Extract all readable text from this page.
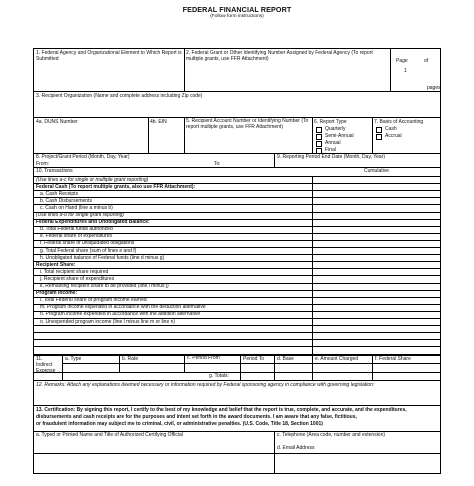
FEDERAL FINANCIAL REPORT
(Follow form instructions)
1. Federal Agency and Organizational Element to Which Report is Submitted
2. Federal Grant or Other Identifying Number Assigned by Federal Agency (To report multiple grants, use FFR Attachment)	Page	of
1
pages
3. Recipient Organization (Name and complete address including Zip code)
4a. DUNS Number	4b. EIN	5. Recipient Account Number or Identifying Number (To report multiple grants, use FFR Attachment)
6. Report Type
Quarterly
Semi-Annual
Annual
Final
7. Basis of Accounting
Cash
Accrual
8. Project/Grant Period (Month, Day, Year)
From:	To:
9. Reporting Period End Date (Month, Day, Year)
10. Transactions	Cumulative
(Use lines a-c for single or multiple grant reporting)
Federal Cash (To report multiple grants, also use FFR Attachment):
a. Cash Receipts
b. Cash Disbursements
c. Cash on Hand (line a minus b)
(Use lines d-o for single grant reporting)
Federal Expenditures and Unobligated Balance:
d. Total Federal funds authorized
e. Federal share of expenditures
f. Federal share of unliquidated obligations
g. Total Federal share (sum of lines e and f)
h. Unobligated balance of Federal funds (line d minus g)
Recipient Share:
i. Total recipient share required
j. Recipient share of expenditures
k. Remaining recipient share to be provided (line i minus j)
Program Income:
l. Total Federal share of program income earned
m. Program income expended in accordance with the deduction alternative
n. Program income expended in accordance with the addition alternative
o. Unexpended program income (line l minus line m or line n)
11.
Indirect
Expense
a. Type	b. Rate	c. Period From	Period To	d. Base	e. Amount Charged	f. Federal Share
g. Totals:
12. Remarks: Attach any explanations deemed necessary or information required by Federal sponsoring agency in compliance with governing legislation:
13. Certification: By signing this report, I certify to the best of my knowledge and belief that the report is true, complete, and accurate, and the expenditures,
disbursements and cash receipts are for the purposes and intent set forth in the award documents. I am aware that any false, fictitious,
or fraudulent information may subject me to criminal, civil, or administrative penalties. (U.S. Code, Title 18, Section 1001)
a. Typed or Printed Name and Title of Authorized Certifying Official	c. Telephone (Area code, number and extension)
d. Email Address
